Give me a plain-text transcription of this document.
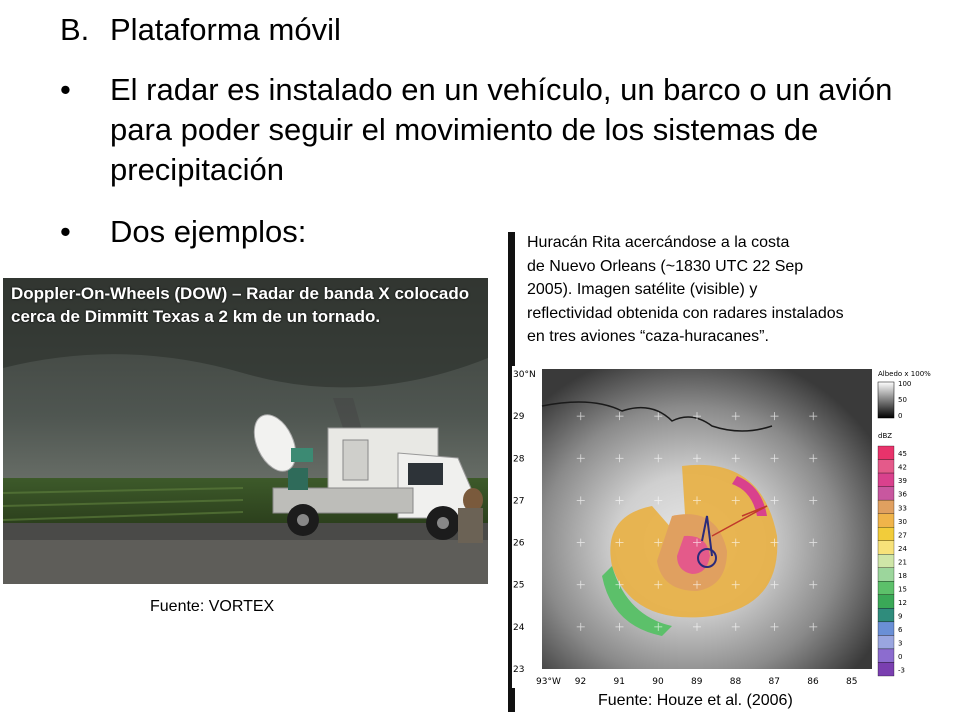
B. Plataforma móvil
•	El radar es instalado en un vehículo, un barco o un avión para poder seguir el movimiento de los sistemas de precipitación
•	Dos ejemplos:
Doppler-On-Wheels (DOW) – Radar de banda X colocado cerca de Dimmitt Texas a 2 km de un tornado.
Fuente: VORTEX
Huracán Rita acercándose a la costa
de Nuevo Orleans (~1830 UTC 22 Sep
2005). Imagen satélite (visible) y
reflectividad obtenida con radares instalados
en tres aviones “caza-huracanes”.
30°N
29
28
27
26
25
24
23
93°W 92	91	90	89	88	87	86	85
Albedo x 100%
100
50
0
dBZ
45
42
39
36
33
30
27
24
21
18
15
12
9
6
3
0
-3
Fuente: Houze et al. (2006)
